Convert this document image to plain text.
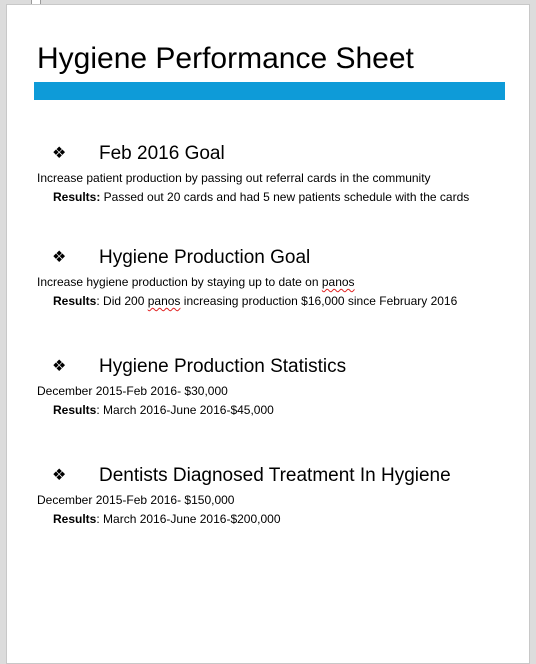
Hygiene Performance Sheet
❖ Feb 2016 Goal
Increase patient production by passing out referral cards in the community
Results: Passed out 20 cards and had 5 new patients schedule with the cards
❖ Hygiene Production Goal
Increase hygiene production by staying up to date on panos
Results: Did 200 panos increasing production $16,000 since February 2016
❖ Hygiene Production Statistics
December 2015-Feb 2016- $30,000
Results: March 2016-June 2016-$45,000
❖ Dentists Diagnosed Treatment In Hygiene
December 2015-Feb 2016- $150,000
Results: March 2016-June 2016-$200,000
